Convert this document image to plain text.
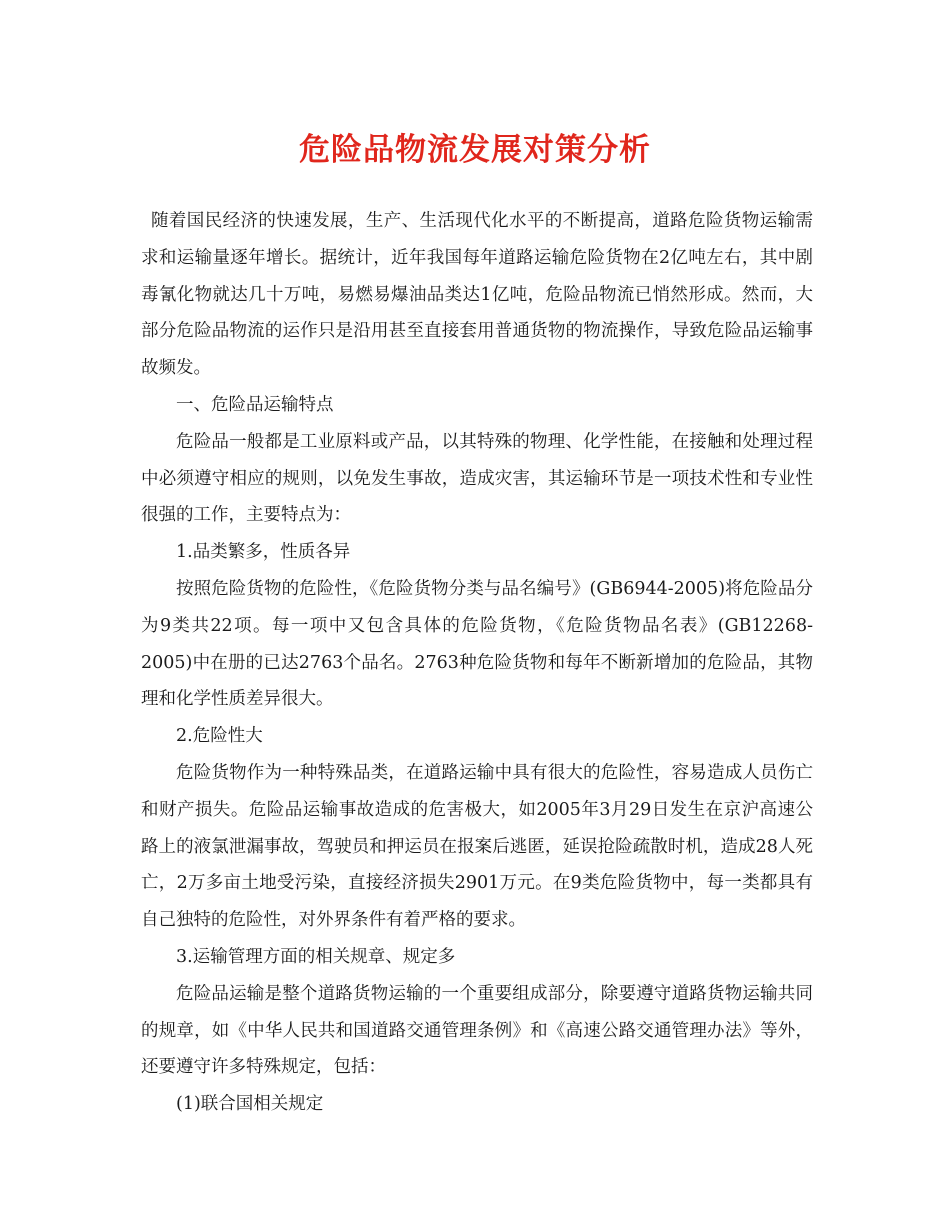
危险品物流发展对策分析

随着国民经济的快速发展，生产、生活现代化水平的不断提高，道路危险货物运输需求和运输量逐年增长。据统计，近年我国每年道路运输危险货物在2亿吨左右，其中剧毒氰化物就达几十万吨，易燃易爆油品类达1亿吨，危险品物流已悄然形成。然而，大部分危险品物流的运作只是沿用甚至直接套用普通货物的物流操作，导致危险品运输事故频发。

一、危险品运输特点

危险品一般都是工业原料或产品，以其特殊的物理、化学性能，在接触和处理过程中必须遵守相应的规则，以免发生事故，造成灾害，其运输环节是一项技术性和专业性很强的工作，主要特点为：

1.品类繁多，性质各异

按照危险货物的危险性，《危险货物分类与品名编号》(GB6944-2005)将危险品分为9类共22项。每一项中又包含具体的危险货物，《危险货物品名表》(GB12268-2005)中在册的已达2763个品名。2763种危险货物和每年不断新增加的危险品，其物理和化学性质差异很大。

2.危险性大

危险货物作为一种特殊品类，在道路运输中具有很大的危险性，容易造成人员伤亡和财产损失。危险品运输事故造成的危害极大，如2005年3月29日发生在京沪高速公路上的液氯泄漏事故，驾驶员和押运员在报案后逃匿，延误抢险疏散时机，造成28人死亡，2万多亩土地受污染，直接经济损失2901万元。在9类危险货物中，每一类都具有自己独特的危险性，对外界条件有着严格的要求。

3.运输管理方面的相关规章、规定多

危险品运输是整个道路货物运输的一个重要组成部分，除要遵守道路货物运输共同的规章，如《中华人民共和国道路交通管理条例》和《高速公路交通管理办法》等外，还要遵守许多特殊规定，包括：

(1)联合国相关规定
